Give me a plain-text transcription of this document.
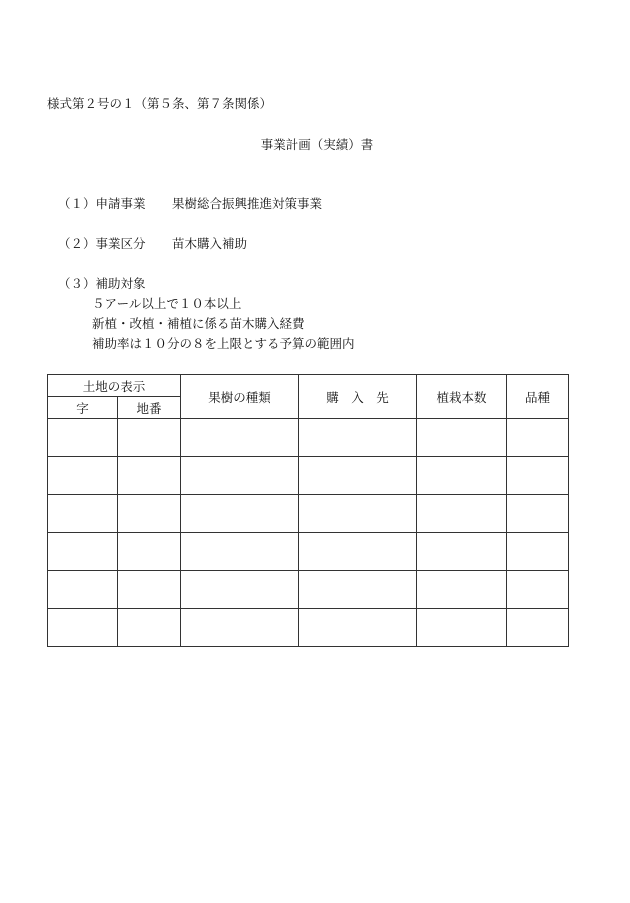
様式第２号の１（第５条、第７条関係）
事業計画（実績）書
（１）申請事業 果樹総合振興推進対策事業
（２）事業区分 苗木購入補助
（３）補助対象
５アール以上で１０本以上
新植・改植・補植に係る苗木購入経費
補助率は１０分の８を上限とする予算の範囲内
土地の表示		果樹の種類	購　入　先	植栽本数	品種
字	地番				
